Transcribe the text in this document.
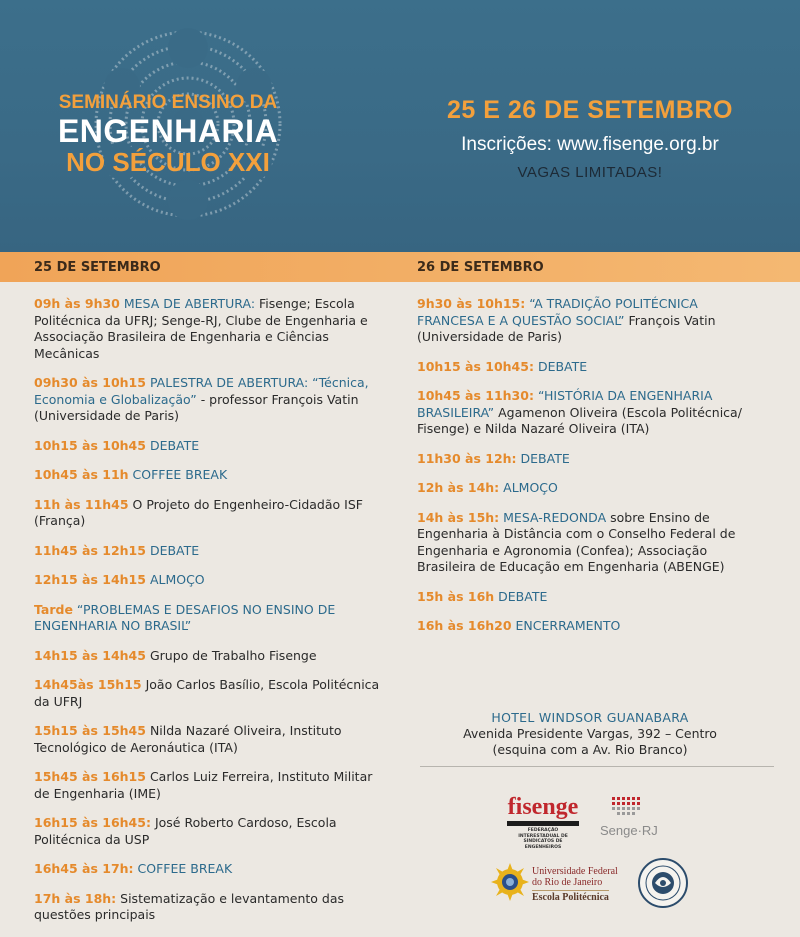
SEMINÁRIO ENSINO DA
ENGENHARIA
NO SÉCULO XXI
25 E 26 DE SETEMBRO
Inscrições: www.fisenge.org.br
VAGAS LIMITADAS!
25 DE SETEMBRO	26 DE SETEMBRO
09h às 9h30 MESA DE ABERTURA: Fisenge; Escola Politécnica da UFRJ; Senge-RJ, Clube de Engenharia e Associação Brasileira de Engenharia e Ciências Mecânicas
09h30 às 10h15 PALESTRA DE ABERTURA: “Técnica, Economia e Globalização” - professor François Vatin (Universidade de Paris)
10h15 às 10h45 DEBATE
10h45 às 11h COFFEE BREAK
11h às 11h45 O Projeto do Engenheiro-Cidadão ISF (França)
11h45 às 12h15 DEBATE
12h15 às 14h15 ALMOÇO
Tarde “PROBLEMAS E DESAFIOS NO ENSINO DE ENGENHARIA NO BRASIL”
14h15 às 14h45 Grupo de Trabalho Fisenge
14h45às 15h15 João Carlos Basílio, Escola Politécnica da UFRJ
15h15 às 15h45 Nilda Nazaré Oliveira, Instituto Tecnológico de Aeronáutica (ITA)
15h45 às 16h15 Carlos Luiz Ferreira, Instituto Militar de Engenharia (IME)
16h15 às 16h45: José Roberto Cardoso, Escola Politécnica da USP
16h45 às 17h: COFFEE BREAK
17h às 18h: Sistematização e levantamento das questões principais
9h30 às 10h15: “A TRADIÇÃO POLITÉCNICA FRANCESA E A QUESTÃO SOCIAL” François Vatin (Universidade de Paris)
10h15 às 10h45: DEBATE
10h45 às 11h30: “HISTÓRIA DA ENGENHARIA BRASILEIRA” Agamenon Oliveira (Escola Politécnica/ Fisenge) e Nilda Nazaré Oliveira (ITA)
11h30 às 12h: DEBATE
12h às 14h: ALMOÇO
14h às 15h: MESA-REDONDA sobre Ensino de Engenharia à Distância com o Conselho Federal de Engenharia e Agronomia (Confea); Associação Brasileira de Educação em Engenharia (ABENGE)
15h às 16h DEBATE
16h às 16h20 ENCERRAMENTO
HOTEL WINDSOR GUANABARA
Avenida Presidente Vargas, 392 – Centro
(esquina com a Av. Rio Branco)
fisenge
FEDERAÇÃO INTERESTADUAL DE
SINDICATOS DE ENGENHEIROS
Senge·RJ
Universidade Federal
do Rio de Janeiro
Escola Politécnica
